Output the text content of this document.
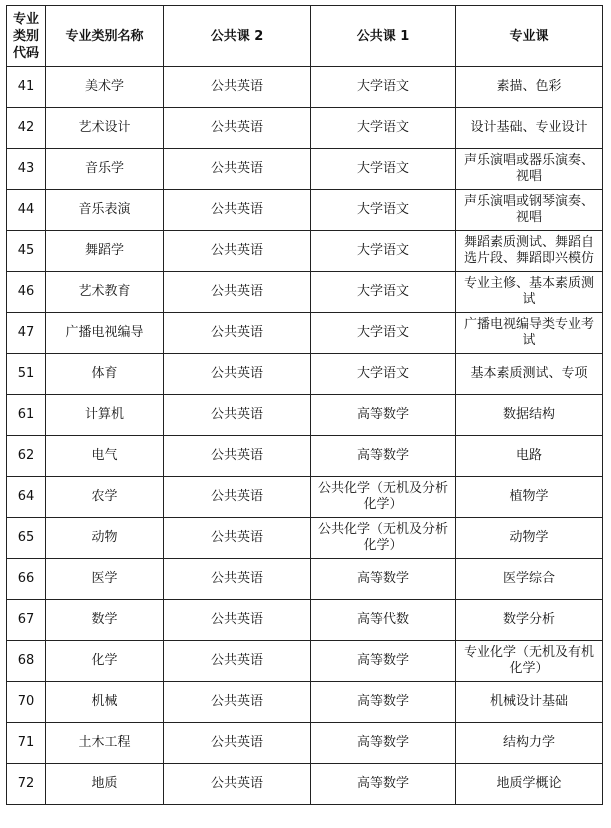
专业
类别
代码	专业类别名称	公共课 2	公共课 1	专业课
41	美术学	公共英语	大学语文	素描、色彩
42	艺术设计	公共英语	大学语文	设计基础、专业设计
43	音乐学	公共英语	大学语文	声乐演唱或器乐演奏、视唱
44	音乐表演	公共英语	大学语文	声乐演唱或钢琴演奏、视唱
45	舞蹈学	公共英语	大学语文	舞蹈素质测试、舞蹈自选片段、舞蹈即兴模仿
46	艺术教育	公共英语	大学语文	专业主修、基本素质测试
47	广播电视编导	公共英语	大学语文	广播电视编导类专业考试
51	体育	公共英语	大学语文	基本素质测试、专项
61	计算机	公共英语	高等数学	数据结构
62	电气	公共英语	高等数学	电路
64	农学	公共英语	公共化学（无机及分析化学）	植物学
65	动物	公共英语	公共化学（无机及分析化学）	动物学
66	医学	公共英语	高等数学	医学综合
67	数学	公共英语	高等代数	数学分析
68	化学	公共英语	高等数学	专业化学（无机及有机化学）
70	机械	公共英语	高等数学	机械设计基础
71	土木工程	公共英语	高等数学	结构力学
72	地质	公共英语	高等数学	地质学概论
